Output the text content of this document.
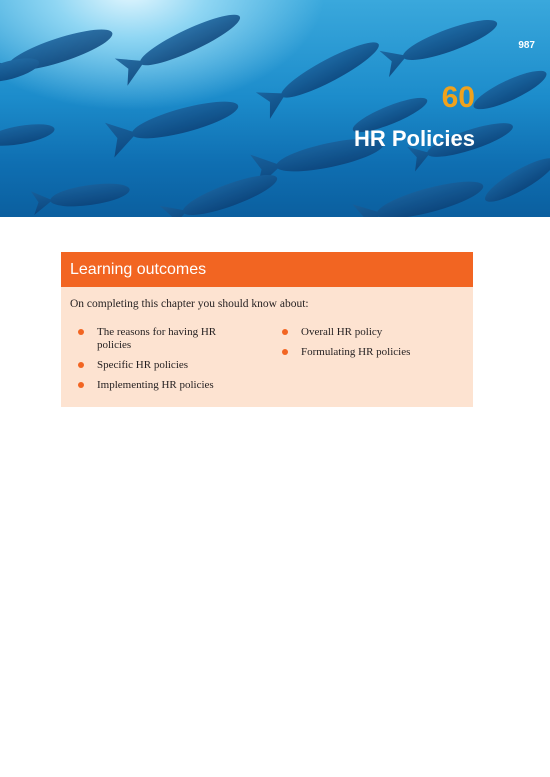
987
60
HR Policies
Learning outcomes
On completing this chapter you should know about:
The reasons for having HR policies
Specific HR policies
Implementing HR policies
Overall HR policy
Formulating HR policies
